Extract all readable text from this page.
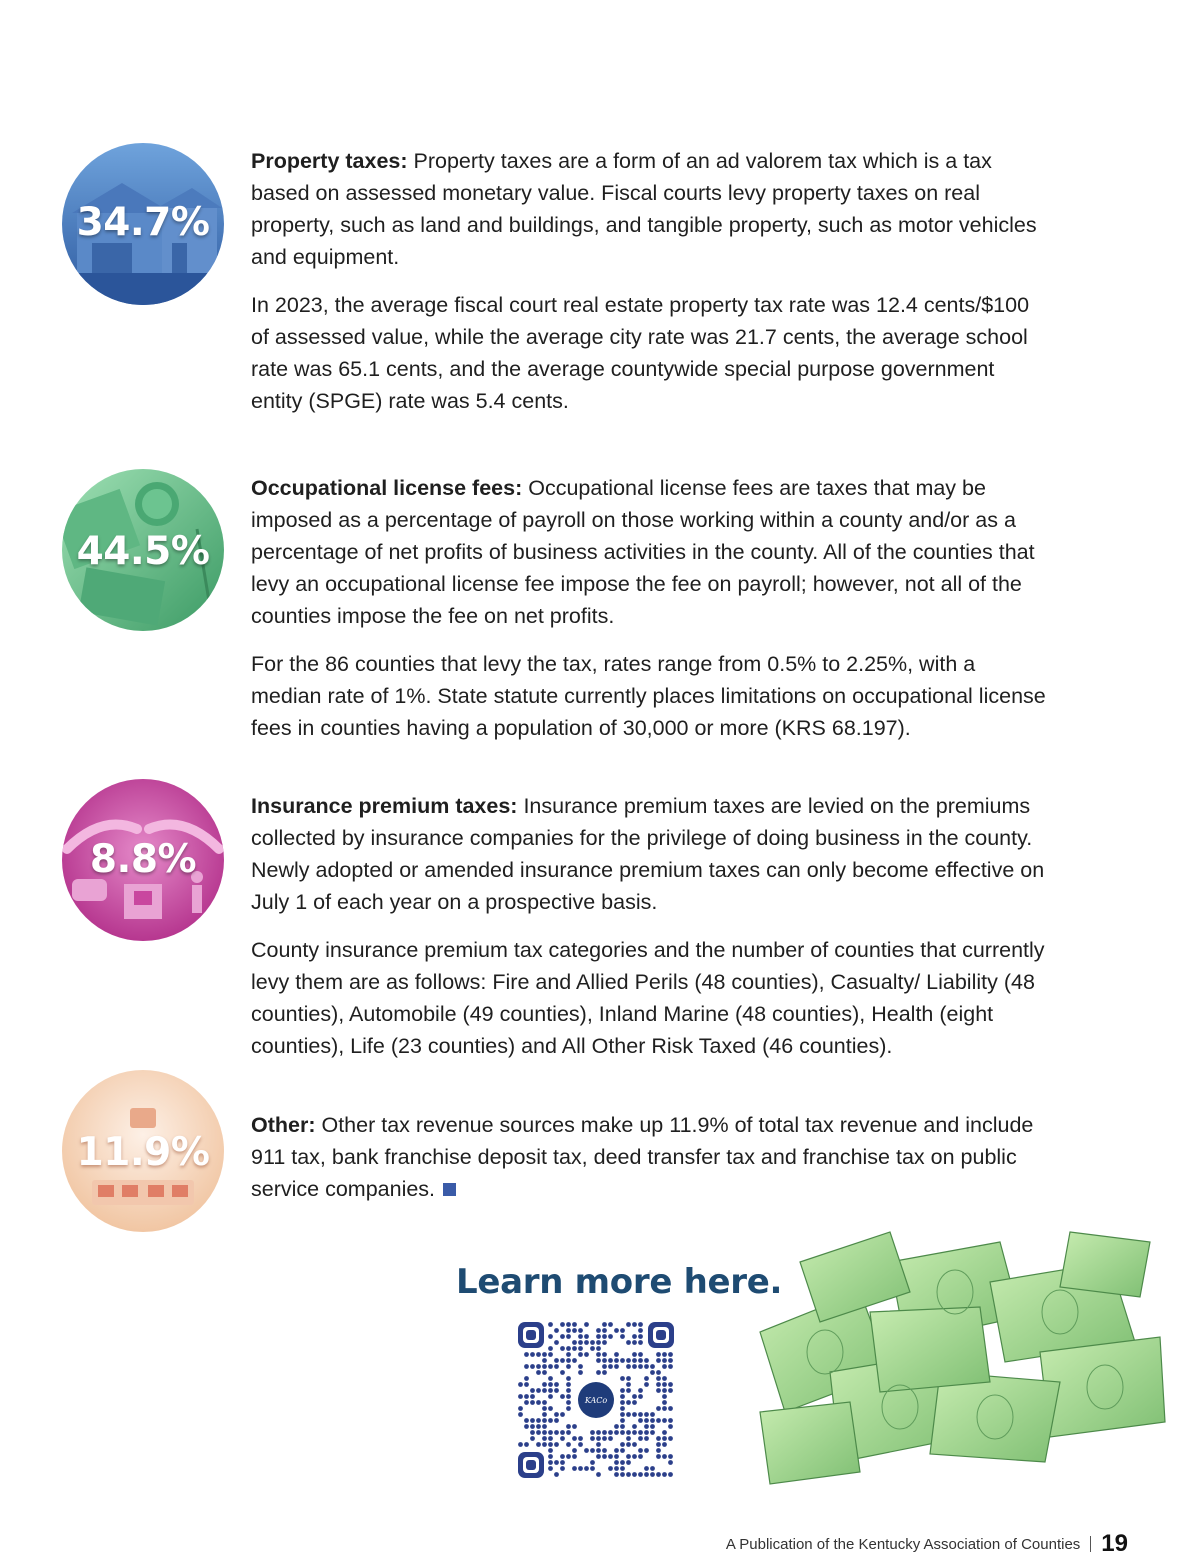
34.7%

Property taxes: Property taxes are a form of an ad valorem tax which is a tax based on assessed monetary value. Fiscal courts levy property taxes on real property, such as land and buildings, and tangible property, such as motor vehicles and equipment.

In 2023, the average fiscal court real estate property tax rate was 12.4 cents/$100 of assessed value, while the average city rate was 21.7 cents, the average school rate was 65.1 cents, and the average countywide special purpose government entity (SPGE) rate was 5.4 cents.

44.5%

Occupational license fees: Occupational license fees are taxes that may be imposed as a percentage of payroll on those working within a county and/or as a percentage of net profits of business activities in the county. All of the counties that levy an occupational license fee impose the fee on payroll; however, not all of the counties impose the fee on net profits.

For the 86 counties that levy the tax, rates range from 0.5% to 2.25%, with a median rate of 1%. State statute currently places limitations on occupational license fees in counties having a population of 30,000 or more (KRS 68.197).

8.8%

Insurance premium taxes: Insurance premium taxes are levied on the premiums collected by insurance companies for the privilege of doing business in the county. Newly adopted or amended insurance premium taxes can only become effective on July 1 of each year on a prospective basis.

County insurance premium tax categories and the number of counties that currently levy them are as follows: Fire and Allied Perils (48 counties), Casualty/ Liability (48 counties), Automobile (49 counties), Inland Marine (48 counties), Health (eight counties), Life (23 counties) and All Other Risk Taxed (46 counties).

11.9%

Other: Other tax revenue sources make up 11.9% of total tax revenue and include 911 tax, bank franchise deposit tax, deed transfer tax and franchise tax on public service companies.

Learn more here.
KACo
A Publication of the Kentucky Association of Counties 19
